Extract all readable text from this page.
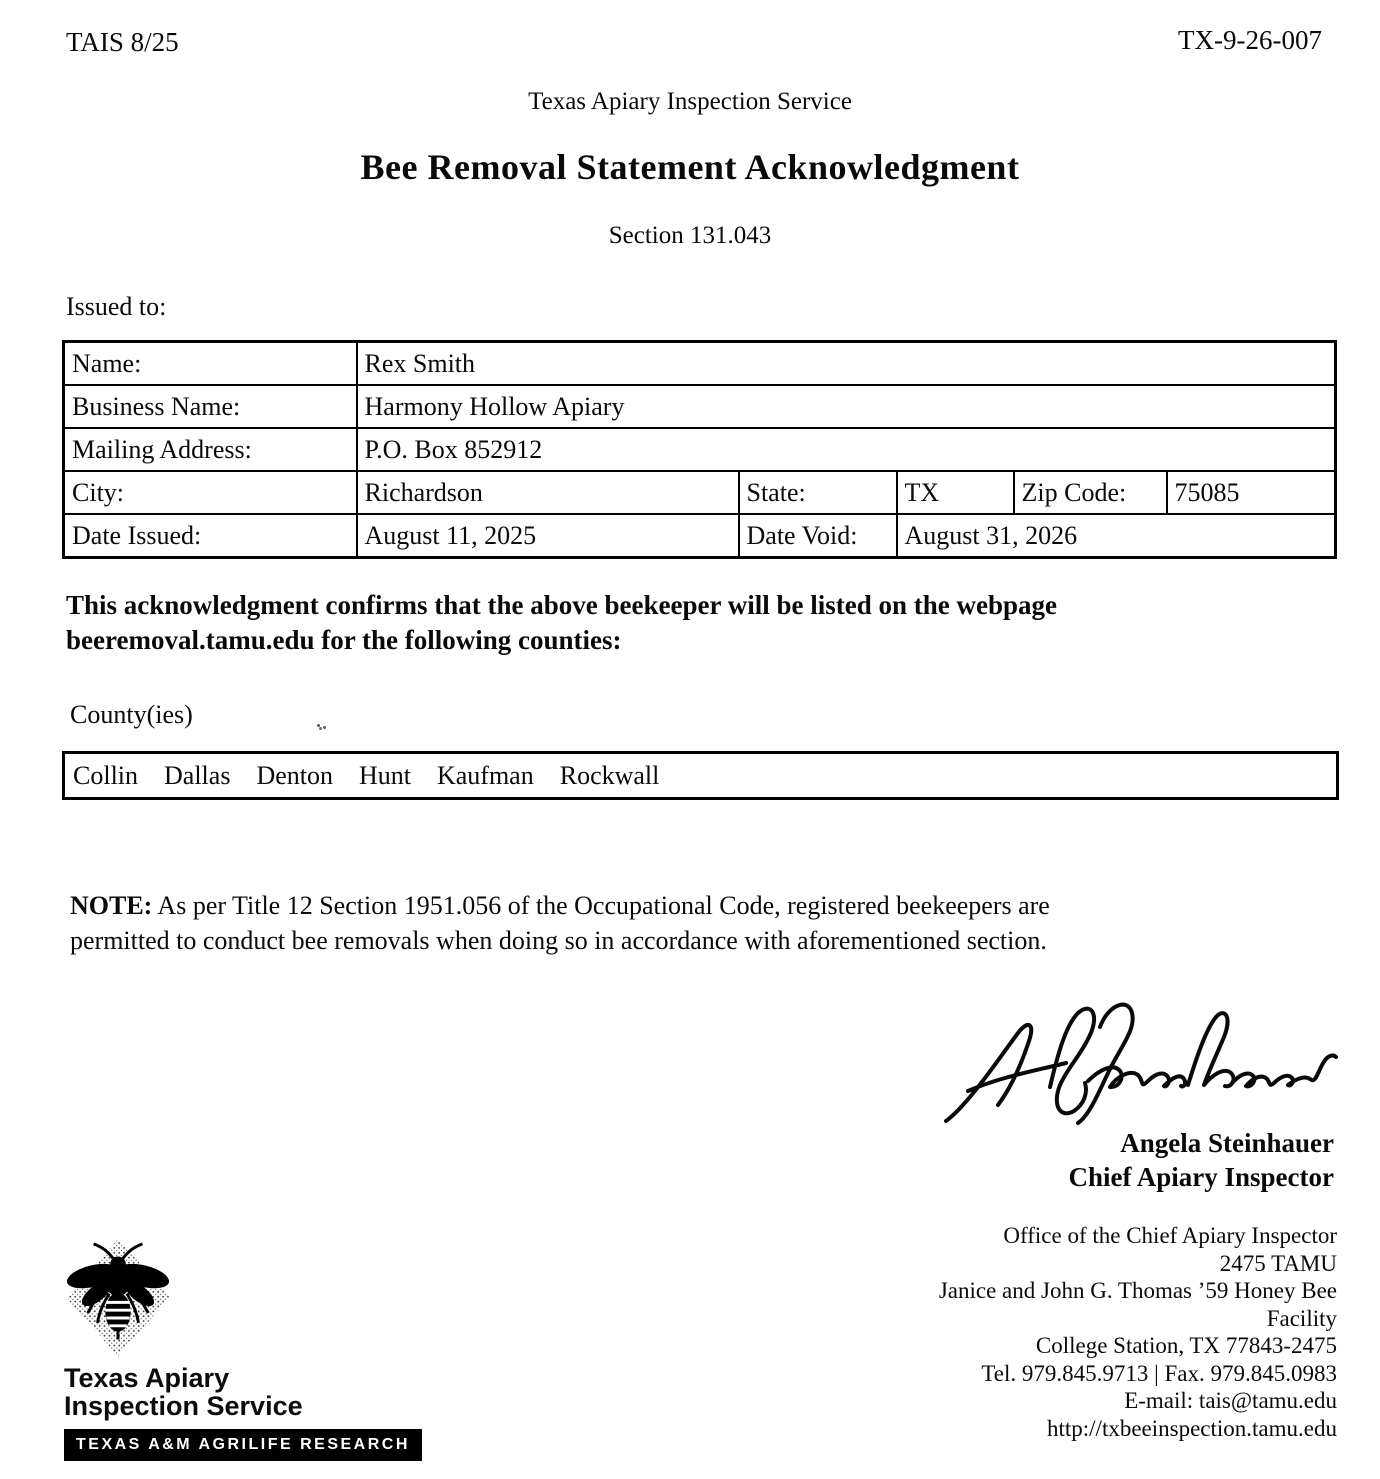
TAIS 8/25	TX-9-26-007
Texas Apiary Inspection Service
Bee Removal Statement Acknowledgment
Section 131.043
Issued to:
Name:	Rex Smith				
Business Name:	Harmony Hollow Apiary				
Mailing Address:	P.O. Box 852912				
City:	Richardson	State:	TX	Zip Code:	75085
Date Issued:	August 11, 2025	Date Void:	August 31, 2026		

This acknowledgment confirms that the above beekeeper will be listed on the webpage
beeremoval.tamu.edu for the following counties:

County(ies)
Collin Dallas Denton Hunt Kaufman Rockwall

NOTE: As per Title 12 Section 1951.056 of the Occupational Code, registered beekeepers are
permitted to conduct bee removals when doing so in accordance with aforementioned section.

Angela Steinhauer
Chief Apiary Inspector
Office of the Chief Apiary Inspector
2475 TAMU
Janice and John G. Thomas ’59 Honey Bee
Facility
College Station, TX 77843-2475
Tel. 979.845.9713 | Fax. 979.845.0983
E-mail: tais@tamu.edu
http://txbeeinspection.tamu.edu
Texas Apiary
Inspection Service
TEXAS A&M AGRILIFE RESEARCH
